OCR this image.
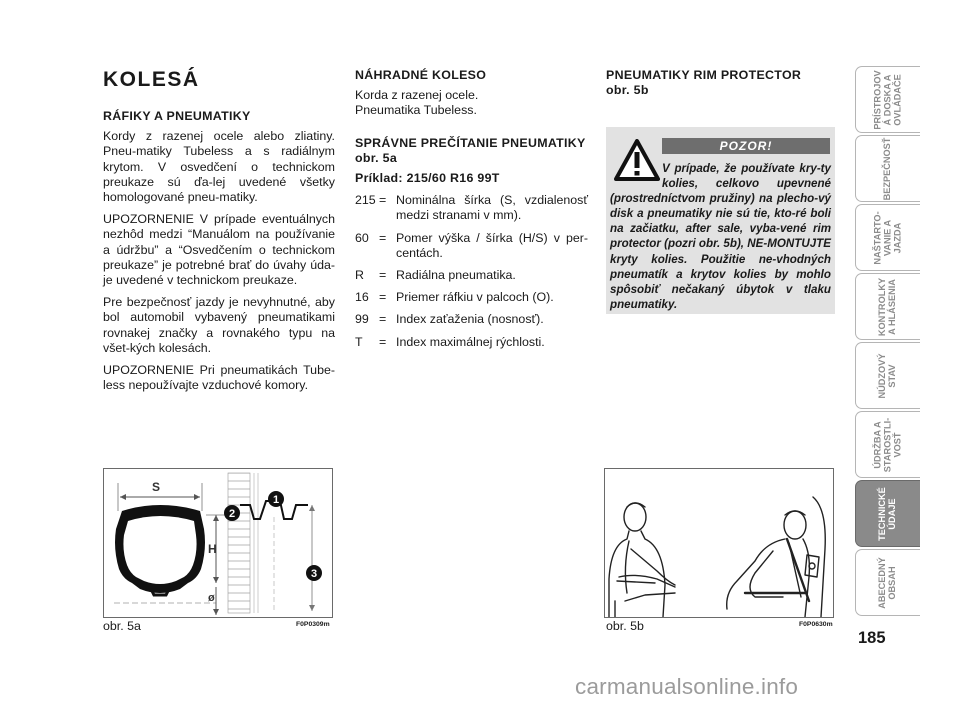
KOLESÁ
RÁFIKY A PNEUMATIKY

Kordy z razenej ocele alebo zliatiny. Pneu-matiky Tubeless a s radiálnym krytom. V osvedčení o technickom preukaze sú ďa-lej uvedené všetky homologované pneu-matiky.

UPOZORNENIE V prípade eventuálnych nezhôd medzi “Manuálom na používanie a údržbu” a “Osvedčením o technickom preukaze” je potrebné brať do úvahy úda-je uvedené v technickom preukaze.

Pre bezpečnosť jazdy je nevyhnutné, aby bol automobil vybavený pneumatikami rovnakej značky a rovnakého typu na všet-kých kolesách.

UPOZORNENIE Pri pneumatikách Tube-less nepoužívajte vzduchové komory.

NÁHRADNÉ KOLESO

Korda z razenej ocele.

Pneumatika Tubeless.

SPRÁVNE PREČÍTANIE PNEUMATIKY obr. 5a
Príklad: 215/60 R16 99T
215 = Nominálna šírka (S, vzdialenosť medzi stranami v mm).
60 = Pomer výška / šírka (H/S) v per-centách.
R	= Radiálna pneumatika.
16 = Priemer ráfkiu v palcoch (O).
99 = Index zaťaženia (nosnosť).
T	= Index maximálnej rýchlosti.
PNEUMATIKY RIM PROTECTOR
obr. 5b
POZOR!
V prípade, že používate kry-ty kolies, celkovo upevnené (prostredníctvom pružiny) na plecho-vý disk a pneumatiky nie sú tie, kto-ré boli na začiatku, after sale, vyba-vené rim protector (pozri obr. 5b), NE-MONTUJTE kryty kolies. Použitie ne-vhodných pneumatík a krytov kolies by mohlo spôsobiť nečakaný úbytok v tlaku pneumatiky.
S
H
ø
1
2
3
obr. 5a	F0P0309m	obr. 5b	F0P0630m
PRÍSTROJOV
Á DOSKA A
OVLÁDAČE
BEZPEČNOSŤ
NAŠTARTO-
VANIE A
JAZDA
KONTROLKY
A HLÁSENIA
NÚDZOVÝ
STAV
ÚDRŽBA A
STAROSTLI-
VOSŤ
TECHNICKÉ
ÚDAJE
ABECEDNÝ
OBSAH
185
carmanualsonline.info
